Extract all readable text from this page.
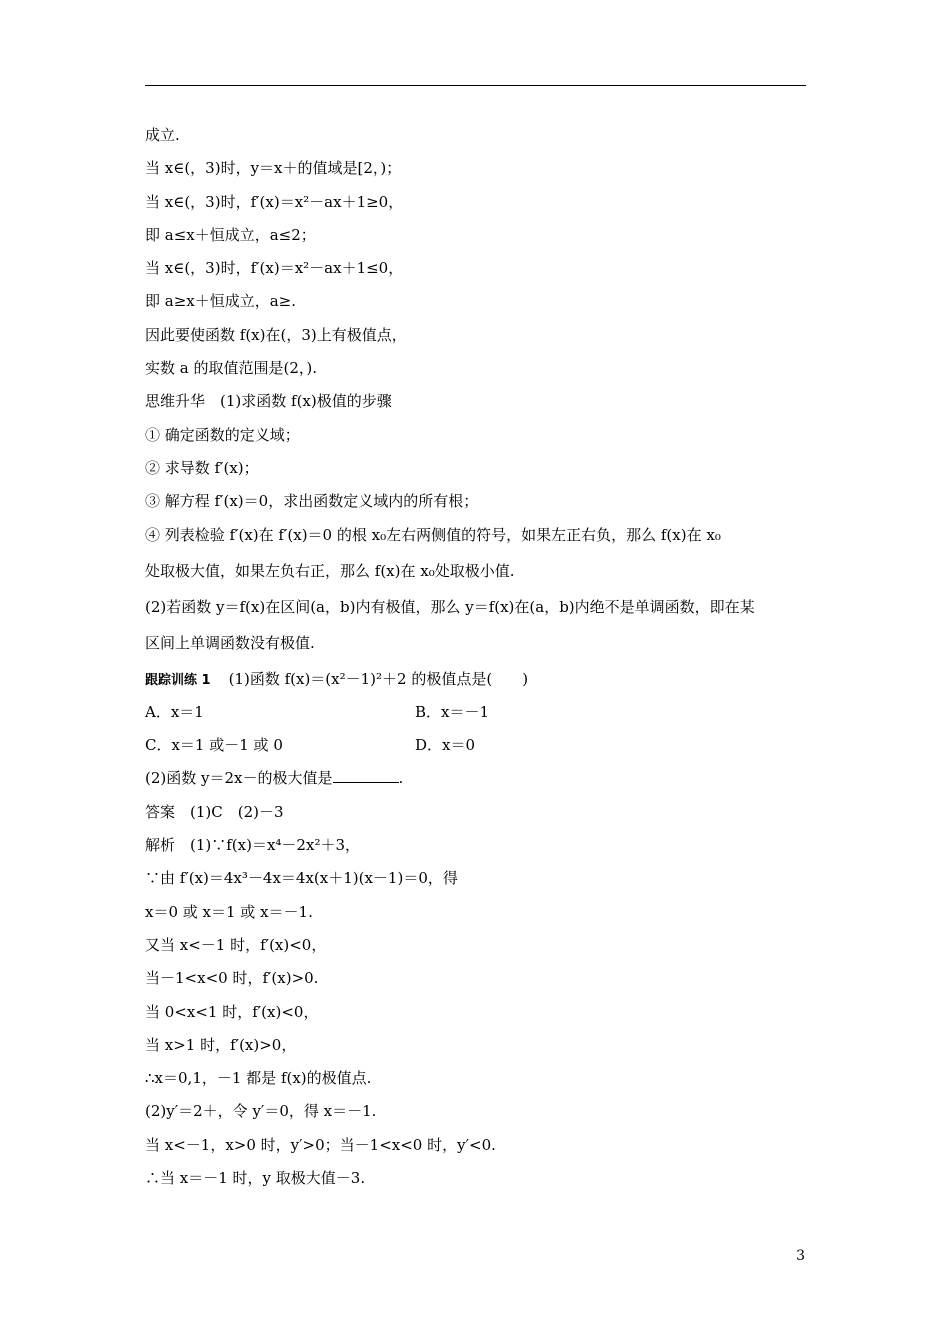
成立.
当 x∈(，3)时，y＝x＋的值域是[2，)；
当 x∈(，3)时，f′(x)＝x²－ax＋1≥0，
即 a≤x＋恒成立，a≤2；
当 x∈(，3)时，f′(x)＝x²－ax＋1≤0，
即 a≥x＋恒成立，a≥.
因此要使函数 f(x)在(，3)上有极值点，
实数 a 的取值范围是(2，).
思维升华　(1)求函数 f(x)极值的步骤
① 确定函数的定义域；
② 求导数 f′(x)；
③ 解方程 f′(x)＝0，求出函数定义域内的所有根；
④ 列表检验 f′(x)在 f′(x)＝0 的根 x₀左右两侧值的符号，如果左正右负，那么 f(x)在 x₀
处取极大值，如果左负右正，那么 f(x)在 x₀处取极小值.
(2)若函数 y＝f(x)在区间(a，b)内有极值，那么 y＝f(x)在(a，b)内绝不是单调函数，即在某
区间上单调函数没有极值.
跟踪训练 1 (1)函数 f(x)＝(x²－1)²＋2 的极值点是(　　)
A．x＝1	B．x＝－1
C．x＝1 或－1 或 0	D．x＝0
(2)函数 y＝2x－的极大值是	.
答案　(1)C　(2)－3
解析　(1)∵f(x)＝x⁴－2x²＋3，
∵由 f′(x)＝4x³－4x＝4x(x＋1)(x－1)＝0，得
x＝0 或 x＝1 或 x＝－1.
又当 x<－1 时，f′(x)<0，
当－1<x<0 时，f′(x)>0.
当 0<x<1 时，f′(x)<0，
当 x>1 时，f′(x)>0，
∴x＝0,1，－1 都是 f(x)的极值点.
(2)y′＝2＋，令 y′＝0，得 x＝－1.
当 x<－1，x>0 时，y′>0；当－1<x<0 时，y′<0.
∴当 x＝－1 时，y 取极大值－3.
3
